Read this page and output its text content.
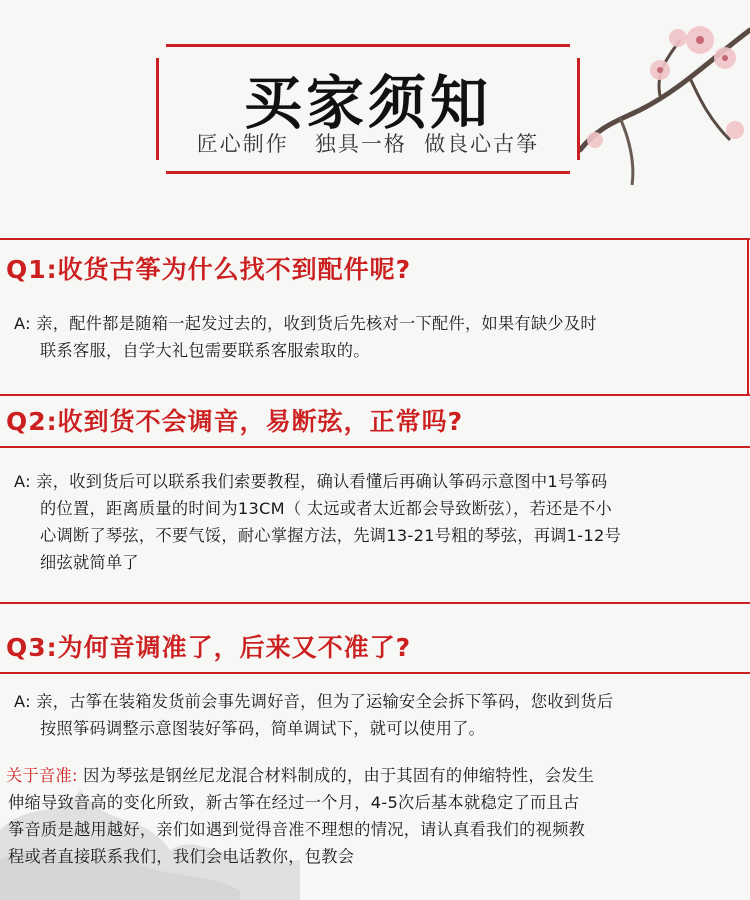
买家须知
匠心制作   独具一格  做良心古筝
Q1:收货古筝为什么找不到配件呢?
A: 亲，配件都是随箱一起发过去的，收到货后先核对一下配件，如果有缺少及时
联系客服，自学大礼包需要联系客服索取的。
Q2:收到货不会调音，易断弦，正常吗?
A: 亲，收到货后可以联系我们索要教程，确认看懂后再确认筝码示意图中1号筝码
的位置，距离质量的时间为13CM（ 太远或者太近都会导致断弦），若还是不小
心调断了琴弦，不要气馁，耐心掌握方法，先调13-21号粗的琴弦，再调1-12号
细弦就简单了
Q3:为何音调准了，后来又不准了?
A: 亲，古筝在装箱发货前会事先调好音，但为了运输安全会拆下筝码，您收到货后
按照筝码调整示意图装好筝码，简单调试下，就可以使用了。
关于音准: 因为琴弦是钢丝尼龙混合材料制成的，由于其固有的伸缩特性，会发生
伸缩导致音高的变化所致，新古筝在经过一个月，4-5次后基本就稳定了而且古
筝音质是越用越好，亲们如遇到觉得音准不理想的情况，请认真看我们的视频教
程或者直接联系我们，我们会电话教你，包教会
